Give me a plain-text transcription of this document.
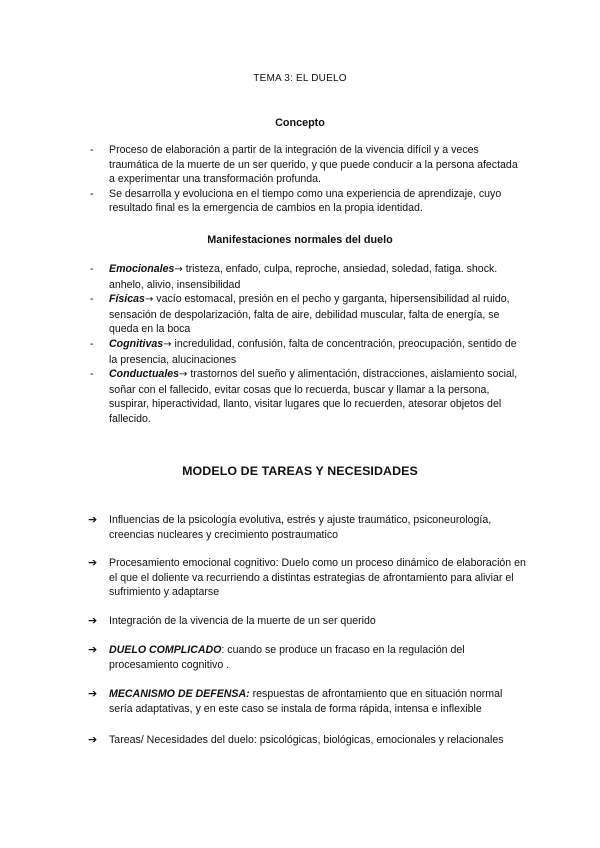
TEMA 3: EL DUELO
Concepto
- Proceso de elaboración a partir de la integración de la vivencia difícil y a veces traumática de la muerte de un ser querido, y que puede conducir a la persona afectada a experimentar una transformación profunda.
- Se desarrolla y evoluciona en el tiempo como una experiencia de aprendizaje, cuyo resultado final es la emergencia de cambios en la propia identidad.
Manifestaciones normales del duelo
- Emocionales→ tristeza, enfado, culpa, reproche, ansiedad, soledad, fatiga. shock. anhelo, alivio, insensibilidad
- Físicas→ vacío estomacal, presión en el pecho y garganta, hipersensibilidad al ruido, sensación de despolarización, falta de aire, debilidad muscular, falta de energía, se queda en la boca
- Cognitivas→ incredulidad, confusión, falta de concentración, preocupación, sentido de la presencia, alucinaciones
- Conductuales→ trastornos del sueño y alimentación, distracciones, aislamiento social, soñar con el fallecido, evitar cosas que lo recuerda, buscar y llamar a la persona, suspirar, hiperactividad, llanto, visitar lugares que lo recuerden, atesorar objetos del fallecido.
MODELO DE TAREAS Y NECESIDADES
➔	Influencias de la psicología evolutiva, estrés y ajuste traumático, psiconeurología, creencias nucleares y crecimiento postraumatico
➔	Procesamiento emocional cognitivo: Duelo como un proceso dinámico de elaboración en el que el doliente va recurriendo a distintas estrategias de afrontamiento para aliviar el sufrimiento y adaptarse
➔	Integración de la vivencia de la muerte de un ser querido
➔	DUELO COMPLICADO: cuando se produce un fracaso en la regulación del procesamiento cognitivo .
➔	MECANISMO DE DEFENSA: respuestas de afrontamiento que en situación normal sería adaptativas, y en este caso se instala de forma rápida, intensa e inflexible
➔	Tareas/ Necesidades del duelo: psicológicas, biológicas, emocionales y relacionales
